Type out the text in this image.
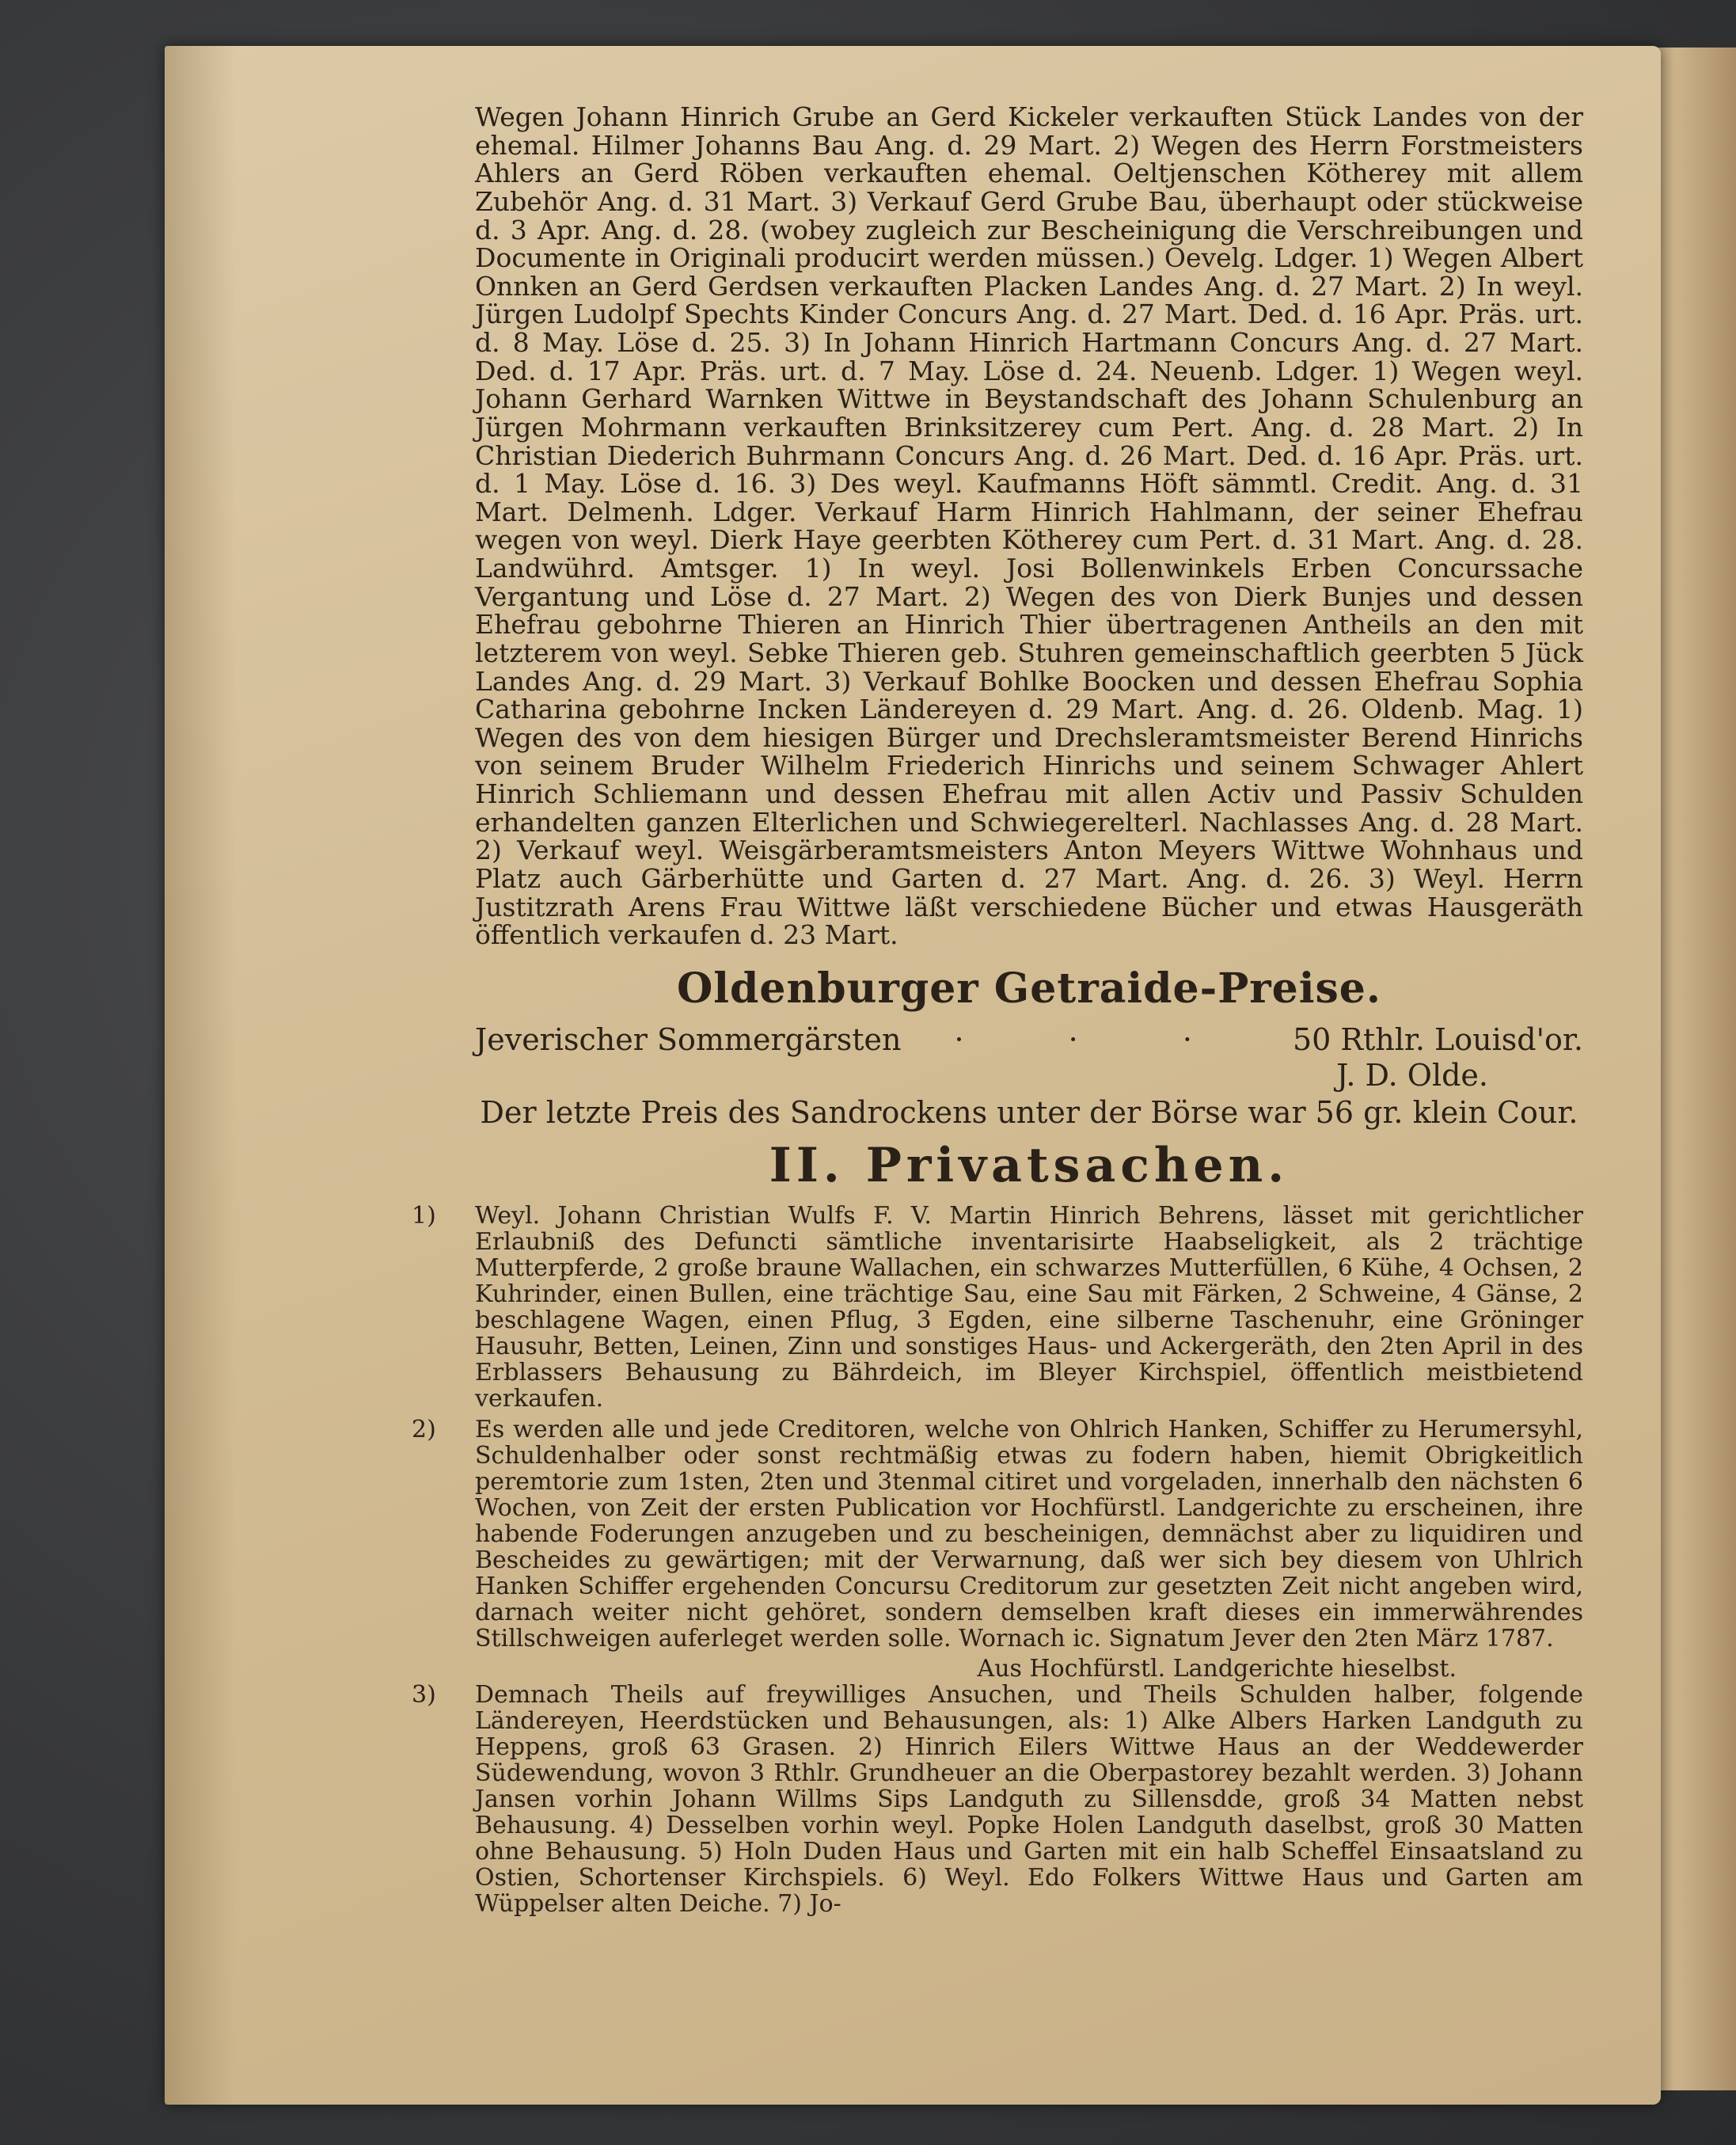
Wegen Johann Hinrich Grube an Gerd Kickeler verkauften Stück Landes von der ehemal. Hilmer Johanns Bau Ang. d. 29 Mart. 2) Wegen des Herrn Forstmeisters Ahlers an Gerd Röben verkauften ehemal. Oeltjenschen Kötherey mit allem Zubehör Ang. d. 31 Mart. 3) Verkauf Gerd Grube Bau, überhaupt oder stückweise d. 3 Apr. Ang. d. 28. (wobey zugleich zur Bescheinigung die Verschreibungen und Documente in Originali producirt werden müssen.) Oevelg. Ldger. 1) Wegen Albert Onnken an Gerd Gerdsen verkauften Placken Landes Ang. d. 27 Mart. 2) In weyl. Jürgen Ludolpf Spechts Kinder Concurs Ang. d. 27 Mart. Ded. d. 16 Apr. Präs. urt. d. 8 May. Löse d. 25. 3) In Johann Hinrich Hartmann Concurs Ang. d. 27 Mart. Ded. d. 17 Apr. Präs. urt. d. 7 May. Löse d. 24. Neuenb. Ldger. 1) Wegen weyl. Johann Gerhard Warnken Wittwe in Beystandschaft des Johann Schulenburg an Jürgen Mohrmann verkauften Brinksitzerey cum Pert. Ang. d. 28 Mart. 2) In Christian Diederich Buhrmann Concurs Ang. d. 26 Mart. Ded. d. 16 Apr. Präs. urt. d. 1 May. Löse d. 16. 3) Des weyl. Kaufmanns Höft sämmtl. Credit. Ang. d. 31 Mart. Delmenh. Ldger. Verkauf Harm Hinrich Hahlmann, der seiner Ehefrau wegen von weyl. Dierk Haye geerbten Kötherey cum Pert. d. 31 Mart. Ang. d. 28. Landwührd. Amtsger. 1) In weyl. Josi Bollenwinkels Erben Concurssache Vergantung und Löse d. 27 Mart. 2) Wegen des von Dierk Bunjes und dessen Ehefrau gebohrne Thieren an Hinrich Thier übertragenen Antheils an den mit letzterem von weyl. Sebke Thieren geb. Stuhren gemeinschaftlich geerbten 5 Jück Landes Ang. d. 29 Mart. 3) Verkauf Bohlke Boocken und dessen Ehefrau Sophia Catharina gebohrne Incken Ländereyen d. 29 Mart. Ang. d. 26. Oldenb. Mag. 1) Wegen des von dem hiesigen Bürger und Drechsleramtsmeister Berend Hinrichs von seinem Bruder Wilhelm Friederich Hinrichs und seinem Schwager Ahlert Hinrich Schliemann und dessen Ehefrau mit allen Activ und Passiv Schulden erhandelten ganzen Elterlichen und Schwiegerelterl. Nachlasses Ang. d. 28 Mart. 2) Verkauf weyl. Weisgärberamtsmeisters Anton Meyers Wittwe Wohnhaus und Platz auch Gärberhütte und Garten d. 27 Mart. Ang. d. 26. 3) Weyl. Herrn Justitzrath Arens Frau Wittwe läßt verschiedene Bücher und etwas Hausgeräth öffentlich verkaufen d. 23 Mart.

Oldenburger Getraide-Preise.
Jeverischer Sommergärsten	· · ·	50 Rthlr. Louisd'or.
J. D. Olde.
Der letzte Preis des Sandrockens unter der Börse war 56 gr. klein Cour.
II. Privatsachen.
1) Weyl. Johann Christian Wulfs F. V. Martin Hinrich Behrens, lässet mit gerichtlicher Erlaubniß des Defuncti sämtliche inventarisirte Haabseligkeit, als 2 trächtige Mutterpferde, 2 große braune Wallachen, ein schwarzes Mutterfüllen, 6 Kühe, 4 Ochsen, 2 Kuhrinder, einen Bullen, eine trächtige Sau, eine Sau mit Färken, 2 Schweine, 4 Gänse, 2 beschlagene Wagen, einen Pflug, 3 Egden, eine silberne Taschenuhr, eine Gröninger Hausuhr, Betten, Leinen, Zinn und sonstiges Haus- und Ackergeräth, den 2ten April in des Erblassers Behausung zu Bährdeich, im Bleyer Kirchspiel, öffentlich meistbietend verkaufen.
2) Es werden alle und jede Creditoren, welche von Ohlrich Hanken, Schiffer zu Herumersyhl, Schuldenhalber oder sonst rechtmäßig etwas zu fodern haben, hiemit Obrigkeitlich peremtorie zum 1sten, 2ten und 3tenmal citiret und vorgeladen, innerhalb den nächsten 6 Wochen, von Zeit der ersten Publication vor Hochfürstl. Landgerichte zu erscheinen, ihre habende Foderungen anzugeben und zu bescheinigen, demnächst aber zu liquidiren und Bescheides zu gewärtigen; mit der Verwarnung, daß wer sich bey diesem von Uhlrich Hanken Schiffer ergehenden Concursu Creditorum zur gesetzten Zeit nicht angeben wird, darnach weiter nicht gehöret, sondern demselben kraft dieses ein immerwährendes Stillschweigen auferleget werden solle. Wornach ic. Signatum Jever den 2ten März 1787.
Aus Hochfürstl. Landgerichte hieselbst.
3) Demnach Theils auf freywilliges Ansuchen, und Theils Schulden halber, folgende Ländereyen, Heerdstücken und Behausungen, als: 1) Alke Albers Harken Landguth zu Heppens, groß 63 Grasen. 2) Hinrich Eilers Wittwe Haus an der Weddewerder Südewendung, wovon 3 Rthlr. Grundheuer an die Oberpastorey bezahlt werden. 3) Johann Jansen vorhin Johann Willms Sips Landguth zu Sillensdde, groß 34 Matten nebst Behausung. 4) Desselben vorhin weyl. Popke Holen Landguth daselbst, groß 30 Matten ohne Behausung. 5) Holn Duden Haus und Garten mit ein halb Scheffel Einsaatsland zu Ostien, Schortenser Kirchspiels. 6) Weyl. Edo Folkers Wittwe Haus und Garten am Wüppelser alten Deiche. 7) Jo-
